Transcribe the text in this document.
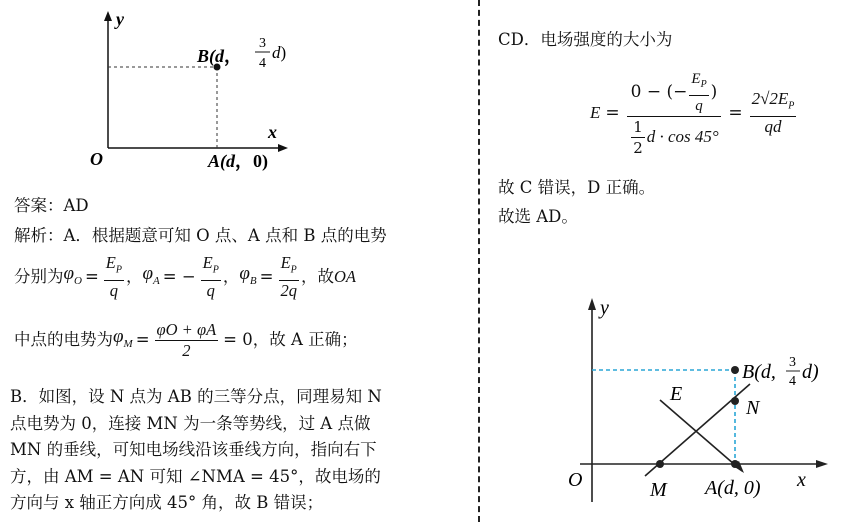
y
x
O
B(d，
3
4
d)
A(d，0)
答案：AD
解析：A．根据题意可知 O 点、A 点和 B 点的电势
分别为 $\varphi_O = \frac{E_P}{q}$ ， $\varphi_A$ = − $\frac{E_P}{q}$ ， $\varphi_B = \frac{E_P}{2q}$ ，故 OA
中点的电势为 $\varphi_M = \frac{\varphi O + \varphi A}{2} = 0$ ，故 A 正确；
B．如图，设 N 点为 AB 的三等分点，同理易知 N
点电势为 0，连接 MN 为一条等势线，过 A 点做
MN 的垂线，可知电场线沿该垂线方向，指向右下
方，由 AM = AN 可知 ∠NMA = 45°，故电场的
方向与 x 轴正方向成 45° 角，故 B 错误；
CD．电场强度的大小为
$E = \frac{0 - (- \frac{E_P}{q} )}{\frac{1}{2} d \cdot \cos 45^\circ} = \frac{2√2E_P}{qd}$
故 C 错误，D 正确。
故选 AD。
y
x
O	M
N
E
A(d, 0)
B(d, 3
4 d)
